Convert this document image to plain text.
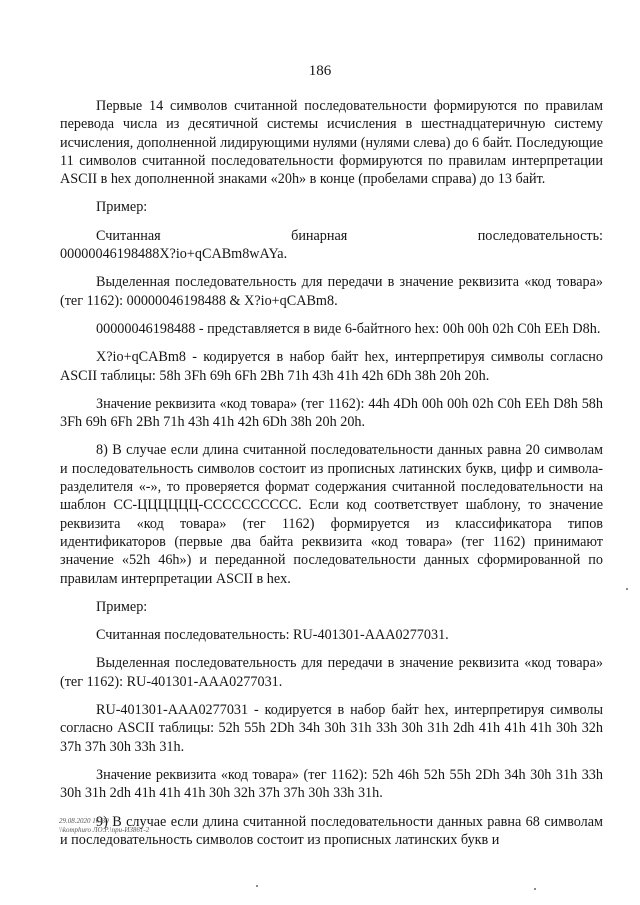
186

Первые 14 символов считанной последовательности формируются по правилам перевода числа из десятичной системы исчисления в шестнадцатеричную систему исчисления, дополненной лидирующими нулями (нулями слева) до 6 байт. Последующие 11 символов считанной последовательности формируются по правилам интерпретации ASCII в hex дополненной знаками «20h» в конце (пробелами справа) до 13 байт.

Пример:

Считанная бинарная последовательность:

00000046198488X?io+qCABm8wAYa.

Выделенная последовательность для передачи в значение реквизита «код товара» (тег 1162): 00000046198488 & X?io+qCABm8.

00000046198488 - представляется в виде 6-байтного hex: 00h 00h 02h C0h EEh D8h.

X?io+qCABm8 - кодируется в набор байт hex, интерпретируя символы согласно ASCII таблицы: 58h 3Fh 69h 6Fh 2Bh 71h 43h 41h 42h 6Dh 38h 20h 20h.

Значение реквизита «код товара» (тег 1162): 44h 4Dh 00h 00h 02h C0h EEh D8h 58h 3Fh 69h 6Fh 2Bh 71h 43h 41h 42h 6Dh 38h 20h 20h.

8) В случае если длина считанной последовательности данных равна 20 символам и последовательность символов состоит из прописных латинских букв, цифр и символа-разделителя «-», то проверяется формат содержания считанной последовательности на шаблон СС-ЦЦЦЦЦЦ-СССССССССС. Если код соответствует шаблону, то значение реквизита «код товара» (тег 1162) формируется из классификатора типов идентификаторов (первые два байта реквизита «код товара» (тег 1162) принимают значение «52h 46h») и переданной последовательности данных сформированной по правилам интерпретации ASCII в hex.

Пример:

Считанная последовательность: RU-401301-AAA0277031.

Выделенная последовательность для передачи в значение реквизита «код товара» (тег 1162): RU-401301-AAA0277031.

RU-401301-AAA0277031 - кодируется в набор байт hex, интерпретируя символы согласно ASCII таблицы: 52h 55h 2Dh 34h 30h 31h 33h 30h 31h 2dh 41h 41h 41h 30h 32h 37h 37h 30h 33h 31h.

Значение реквизита «код товара» (тег 1162): 52h 46h 52h 55h 2Dh 34h 30h 31h 33h 30h 31h 2dh 41h 41h 41h 30h 32h 37h 37h 30h 33h 31h.

9) В случае если длина считанной последовательности данных равна 68 символам и последовательность символов состоит из прописных латинских букв и

29.08.2020 16:30
\\komphuro ЛО.Р.\при-ИЗ861-2
